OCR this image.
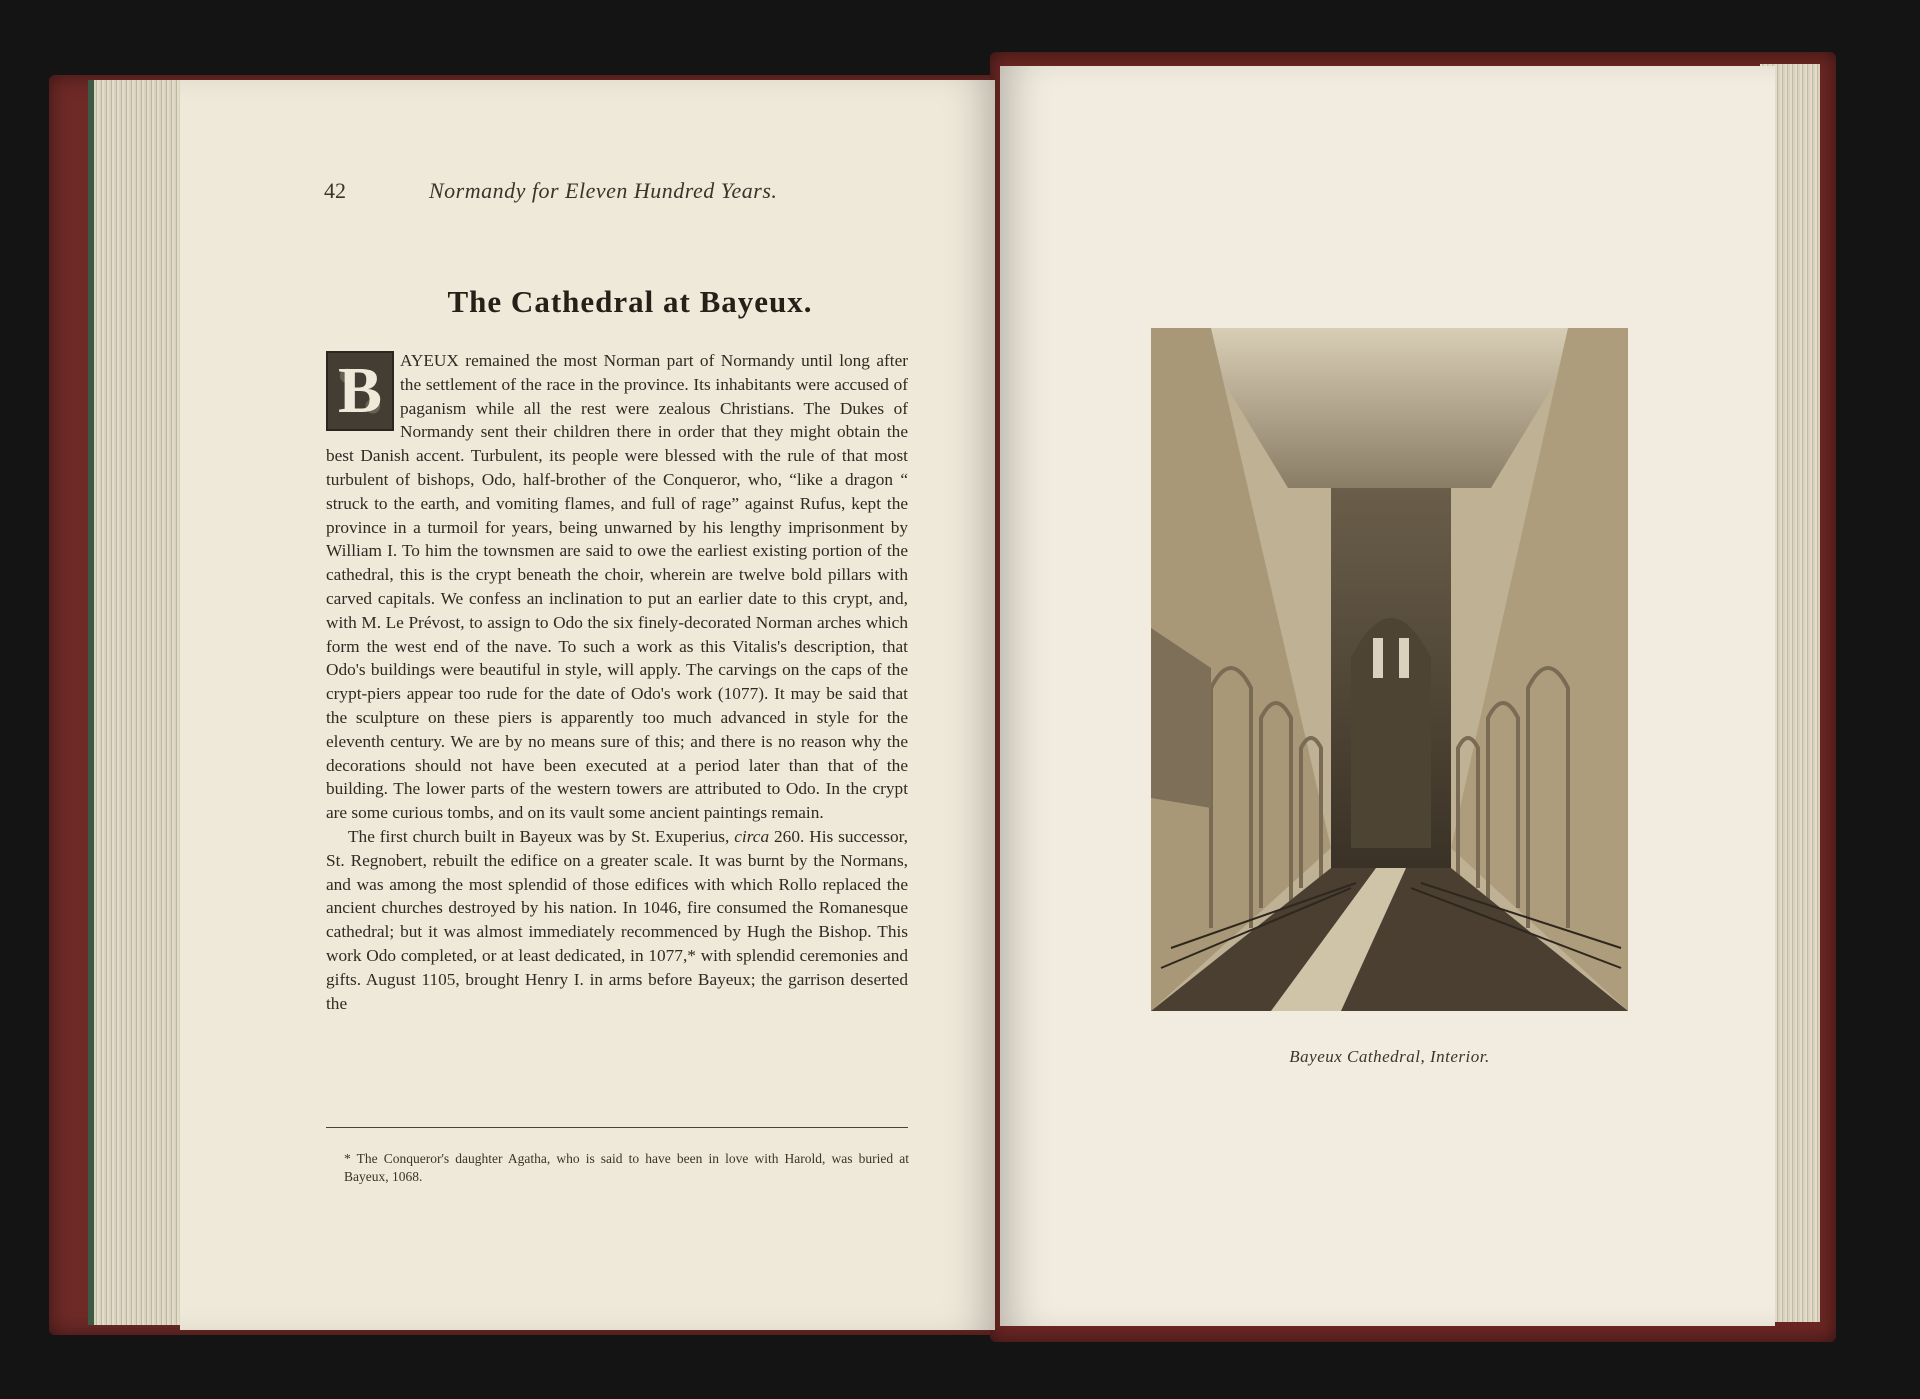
42	Normandy for Eleven Hundred Years.
The Cathedral at Bayeux.
B	AYEUX remained the most Norman part of Normandy until long after the settlement of the race in the province. Its inhabitants were accused of paganism while all the rest were zealous Christians. The Dukes of Normandy sent their children there in order that they might obtain the best Danish accent. Turbulent, its people were blessed with the rule of that most turbulent of bishops, Odo, half-brother of the Conqueror, who, “like a dragon “ struck to the earth, and vomiting flames, and full of rage” against Rufus, kept the province in a turmoil for years, being unwarned by his lengthy imprisonment by William I. To him the townsmen are said to owe the earliest existing portion of the cathedral, this is the crypt beneath the choir, wherein are twelve bold pillars with carved capitals. We confess an inclination to put an earlier date to this crypt, and, with M. Le Prévost, to assign to Odo the six finely-decorated Norman arches which form the west end of the nave. To such a work as this Vitalis's description, that Odo's buildings were beautiful in style, will apply. The carvings on the caps of the crypt-piers appear too rude for the date of Odo's work (1077). It may be said that the sculpture on these piers is apparently too much advanced in style for the eleventh century. We are by no means sure of this; and there is no reason why the decorations should not have been executed at a period later than that of the building. The lower parts of the western towers are attributed to Odo. In the crypt are some curious tombs, and on its vault some ancient paintings remain.

The first church built in Bayeux was by St. Exuperius, circa 260. His successor, St. Regnobert, rebuilt the edifice on a greater scale. It was burnt by the Normans, and was among the most splendid of those edifices with which Rollo replaced the ancient churches destroyed by his nation. In 1046, fire consumed the Romanesque cathedral; but it was almost immediately recommenced by Hugh the Bishop. This work Odo completed, or at least dedicated, in 1077,* with splendid ceremonies and gifts. August 1105, brought Henry I. in arms before Bayeux; the garrison deserted the

* The Conqueror's daughter Agatha, who is said to have been in love with Harold, was buried at Bayeux, 1068.
Bayeux Cathedral, Interior.
